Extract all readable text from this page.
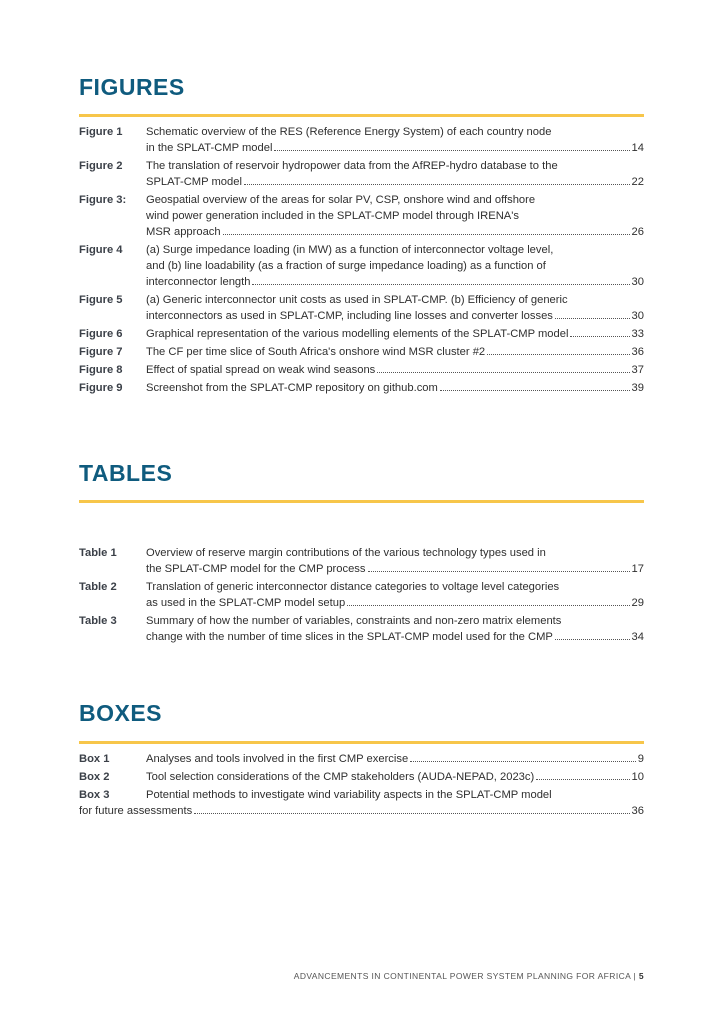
FIGURES
Figure 1 Schematic overview of the RES (Reference Energy System) of each country node
in the SPLAT-CMP model	14
Figure 2 The translation of reservoir hydropower data from the AfREP-hydro database to the
SPLAT-CMP model	22
Figure 3: Geospatial overview of the areas for solar PV, CSP, onshore wind and offshore
wind power generation included in the SPLAT-CMP model through IRENA's
MSR approach	26
Figure 4 (a) Surge impedance loading (in MW) as a function of interconnector voltage level,
and (b) line loadability (as a fraction of surge impedance loading) as a function of
interconnector length	30
Figure 5 (a) Generic interconnector unit costs as used in SPLAT-CMP. (b) Efficiency of generic
interconnectors as used in SPLAT-CMP, including line losses and converter losses	30
Figure 6 Graphical representation of the various modelling elements of the SPLAT-CMP model	33
Figure 7 The CF per time slice of South Africa's onshore wind MSR cluster #2	36
Figure 8 Effect of spatial spread on weak wind seasons	37
Figure 9 Screenshot from the SPLAT-CMP repository on github.com	39
TABLES
Table 1	Overview of reserve margin contributions of the various technology types used in
the SPLAT-CMP model for the CMP process	17
Table 2	Translation of generic interconnector distance categories to voltage level categories
as used in the SPLAT-CMP model setup	29
Table 3	Summary of how the number of variables, constraints and non-zero matrix elements
change with the number of time slices in the SPLAT-CMP model used for the CMP	34
BOXES
Box 1	Analyses and tools involved in the first CMP exercise	9
Box 2	Tool selection considerations of the CMP stakeholders (AUDA-NEPAD, 2023c)	10
Box 3	Potential methods to investigate wind variability aspects in the SPLAT-CMP model
for future assessments	36
ADVANCEMENTS IN CONTINENTAL POWER SYSTEM PLANNING FOR AFRICA | 5
